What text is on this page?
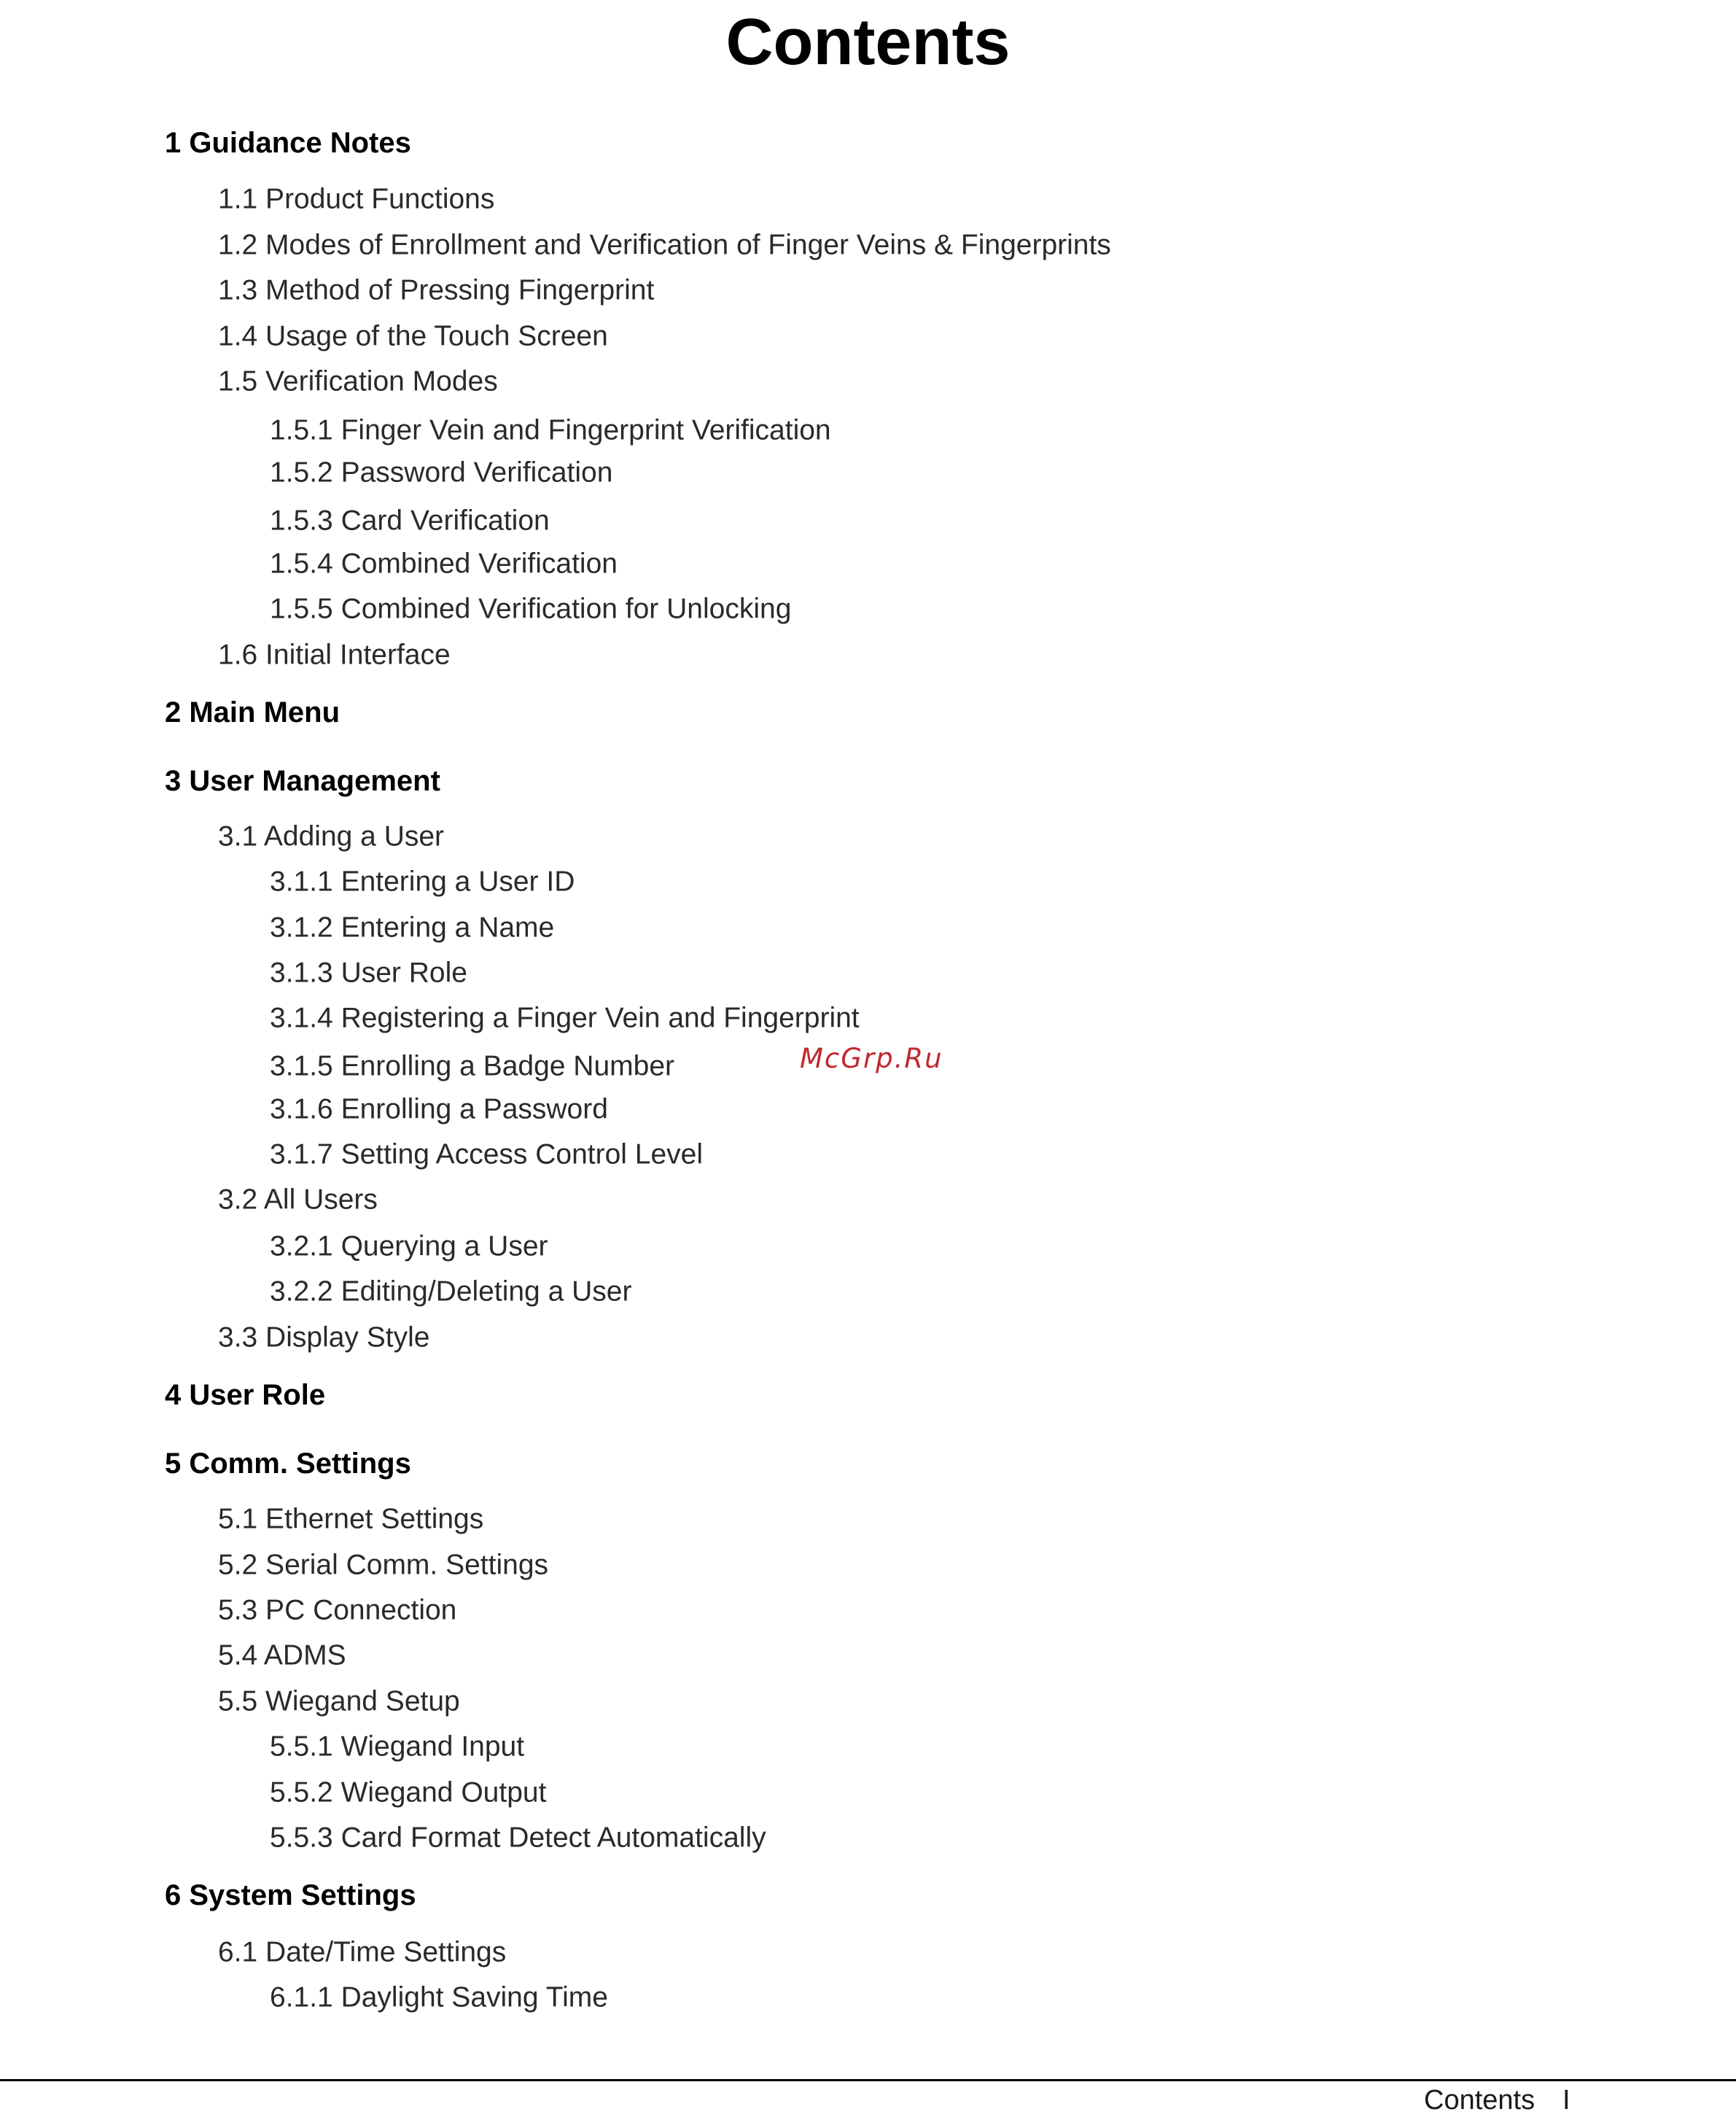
Contents
1 Guidance Notes
1.1 Product Functions
1.2 Modes of Enrollment and Verification of Finger Veins & Fingerprints
1.3 Method of Pressing Fingerprint
1.4 Usage of the Touch Screen
1.5 Verification Modes
1.5.1 Finger Vein and Fingerprint Verification
1.5.2 Password Verification
1.5.3 Card Verification
1.5.4 Combined Verification
1.5.5 Combined Verification for Unlocking
1.6 Initial Interface
2 Main Menu
3 User Management
3.1 Adding a User
3.1.1 Entering a User ID
3.1.2 Entering a Name
3.1.3 User Role
3.1.4 Registering a Finger Vein and Fingerprint
3.1.5 Enrolling a Badge Number
3.1.6 Enrolling a Password
3.1.7 Setting Access Control Level
3.2 All Users
3.2.1 Querying a User
3.2.2 Editing/Deleting a User
3.3 Display Style
4 User Role
5 Comm. Settings
5.1 Ethernet Settings
5.2 Serial Comm. Settings
5.3 PC Connection
5.4 ADMS
5.5 Wiegand Setup
5.5.1 Wiegand Input
5.5.2 Wiegand Output
5.5.3 Card Format Detect Automatically
6 System Settings
6.1 Date/Time Settings
6.1.1 Daylight Saving Time
McGrp.Ru
Contents I
